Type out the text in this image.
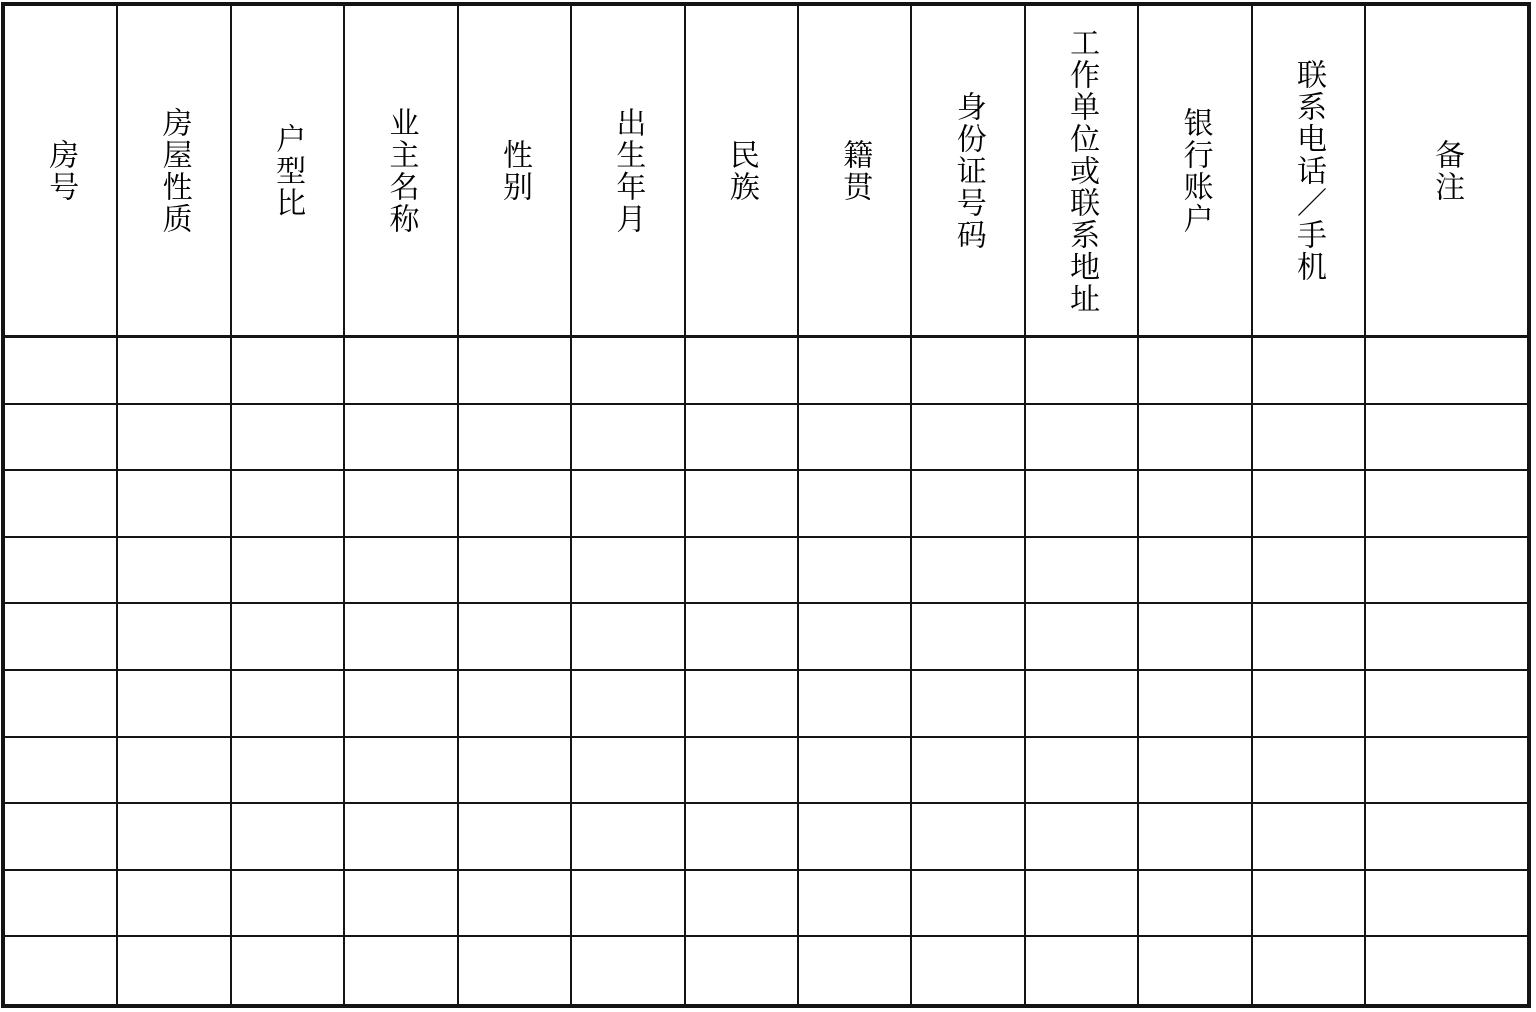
房号	房屋性质	户型比	业主名称	性别	出生年月	民族	籍贯	身份证号码	工作单位或联系地址	银行账户	联系电话／手机	备注
